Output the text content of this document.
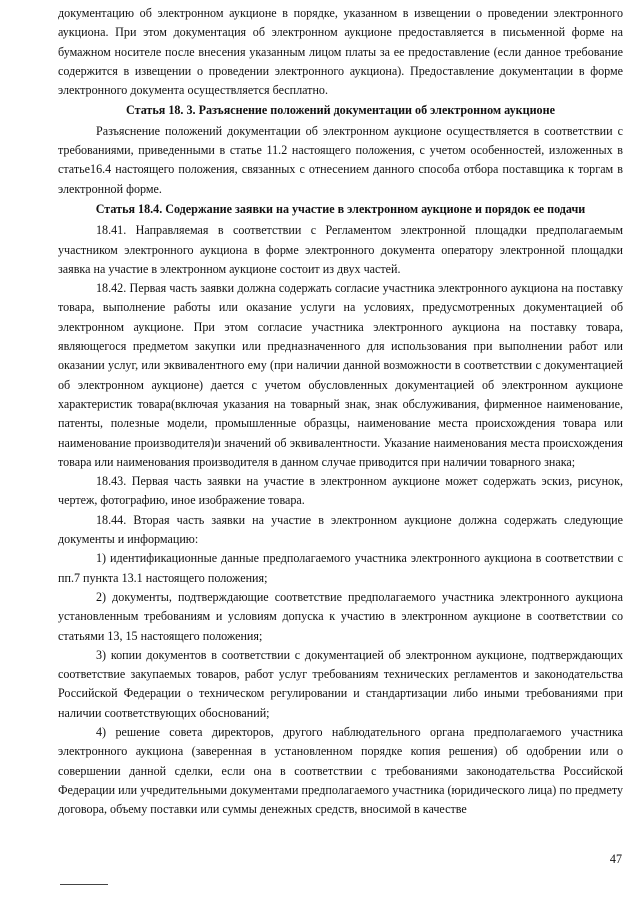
документацию об электронном аукционе в порядке, указанном в извещении о проведении электронного аукциона. При этом документация об электронном аукционе предоставляется в письменной форме на бумажном носителе после внесения указанным лицом платы за ее предоставление (если данное требование содержится в извещении о проведении электронного аукциона). Предоставление документации в форме электронного документа осуществляется бесплатно.

Статья 18. 3. Разъяснение положений документации об электронном аукционе

Разъяснение положений документации об электронном аукционе осуществляется в соответствии с требованиями, приведенными в статье 11.2 настоящего положения, с учетом особенностей, изложенных в статье16.4 настоящего положения, связанных с отнесением данного способа отбора поставщика к торгам в электронной форме.

Статья 18.4. Содержание заявки на участие в электронном аукционе и порядок ее подачи

18.41. Направляемая в соответствии с Регламентом электронной площадки предполагаемым участником электронного аукциона в форме электронного документа оператору электронной площадки заявка на участие в электронном аукционе состоит из двух частей.

18.42. Первая часть заявки должна содержать согласие участника электронного аукциона на поставку товара, выполнение работы или оказание услуги на условиях, предусмотренных документацией об электронном аукционе. При этом согласие участника электронного аукциона на поставку товара, являющегося предметом закупки или предназначенного для использования при выполнении работ или оказании услуг, или эквивалентного ему (при наличии данной возможности в соответствии с документацией об электронном аукционе) дается с учетом обусловленных документацией об электронном аукционе характеристик товара(включая указания на товарный знак, знак обслуживания, фирменное наименование, патенты, полезные модели, промышленные образцы, наименование места происхождения товара или наименование производителя)и значений об эквивалентности. Указание наименования места происхождения товара или наименования производителя в данном случае приводится при наличии товарного знака;

18.43. Первая часть заявки на участие в электронном аукционе может содержать эскиз, рисунок, чертеж, фотографию, иное изображение товара.

18.44. Вторая часть заявки на участие в электронном аукционе должна содержать следующие документы и информацию:

1) идентификационные данные предполагаемого участника электронного аукциона в соответствии с пп.7 пункта 13.1 настоящего положения;

2) документы, подтверждающие соответствие предполагаемого участника электронного аукциона установленным требованиям и условиям допуска к участию в электронном аукционе в соответствии со статьями 13, 15 настоящего положения;

3) копии документов в соответствии с документацией об электронном аукционе, подтверждающих соответствие закупаемых товаров, работ услуг требованиям технических регламентов и законодательства Российской Федерации о техническом регулировании и стандартизации либо иными требованиями при наличии соответствующих обоснований;

4) решение совета директоров, другого наблюдательного органа предполагаемого участника электронного аукциона (заверенная в установленном порядке копия решения) об одобрении или о совершении данной сделки, если она в соответствии с требованиями законодательства Российской Федерации или учредительными документами предполагаемого участника (юридического лица) по предмету договора, объему поставки или суммы денежных средств, вносимой в качестве

47
